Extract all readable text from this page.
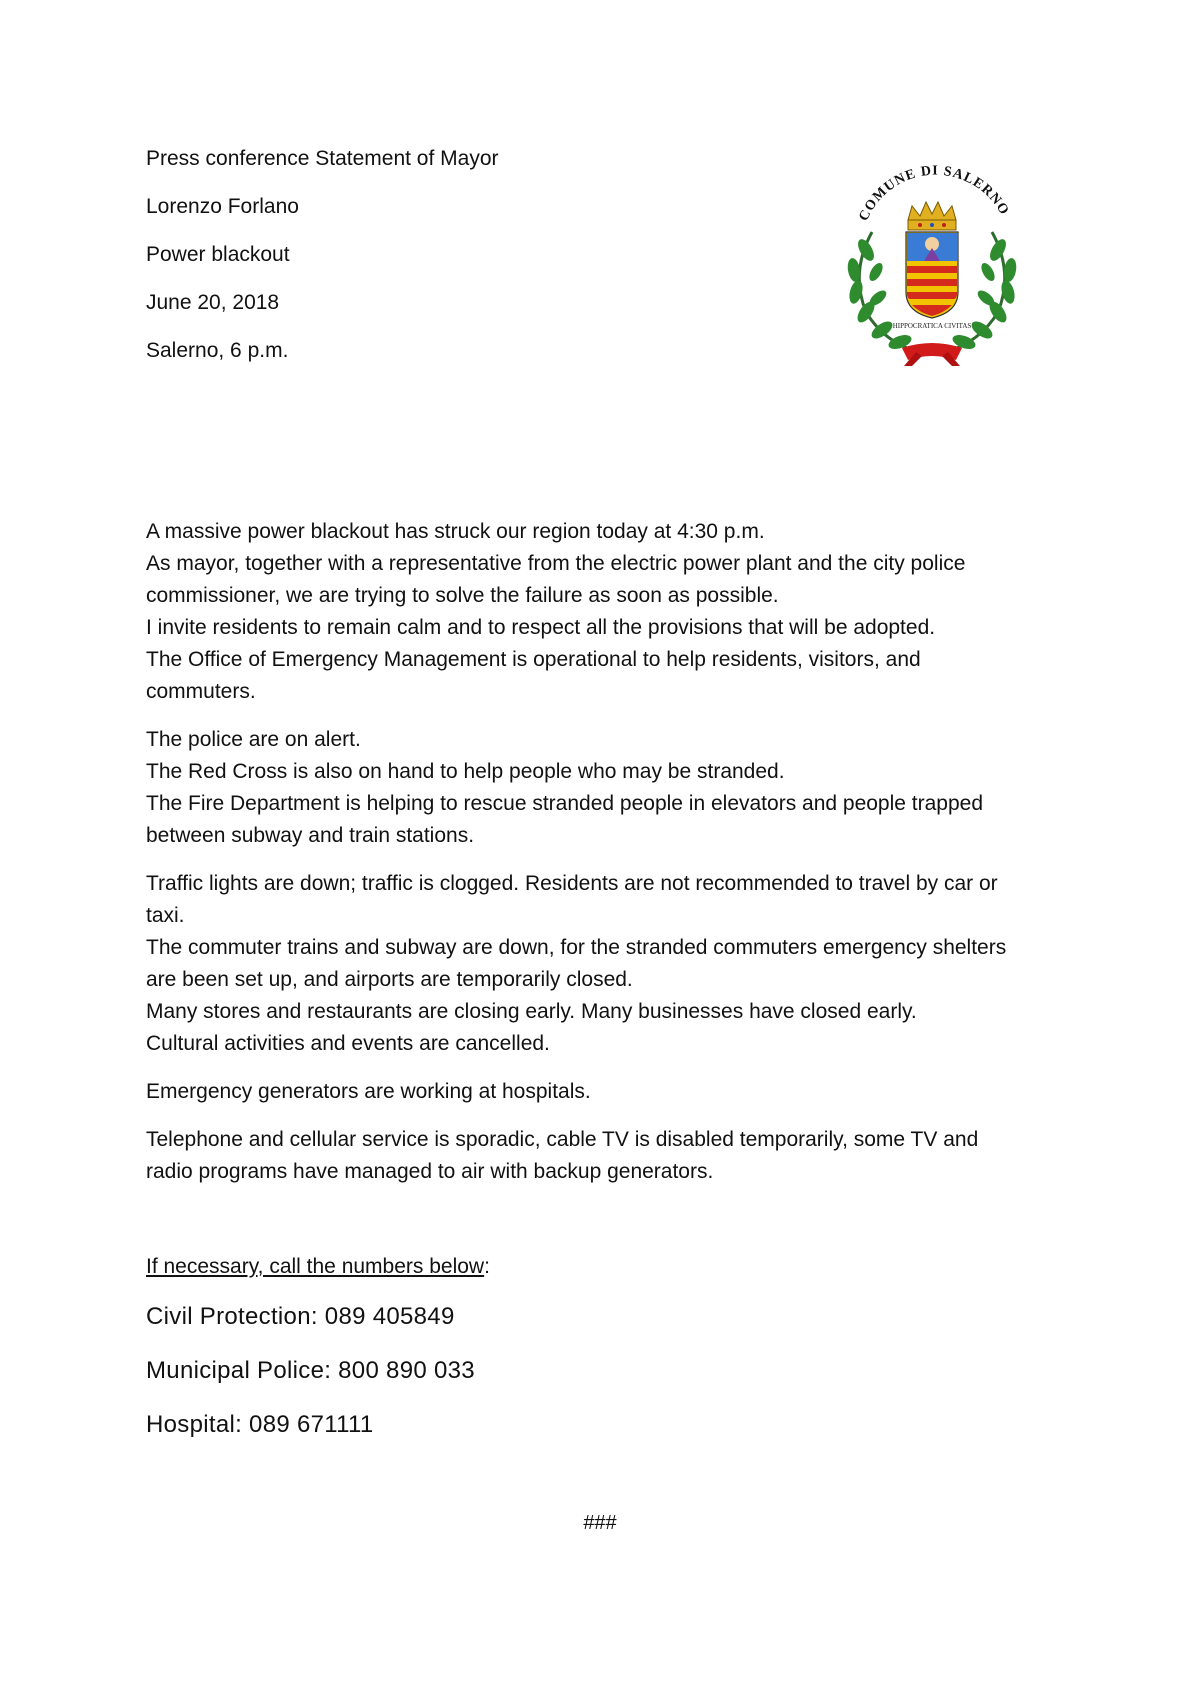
Press conference Statement of Mayor
Lorenzo Forlano
Power blackout
June 20, 2018
Salerno, 6 p.m.
COMUNE DI SALERNO
HIPPOCRATICA CIVITAS
A massive power blackout has struck our region today at 4:30 p.m.
As mayor, together with a representative from the electric power plant and the city police
commissioner, we are trying to solve the failure as soon as possible.
I invite residents to remain calm and to respect all the provisions that will be adopted.
The Office of Emergency Management is operational to help residents, visitors, and
commuters.
The police are on alert.
The Red Cross is also on hand to help people who may be stranded.
The Fire Department is helping to rescue stranded people in elevators and people trapped
between subway and train stations.
Traffic lights are down; traffic is clogged. Residents are not recommended to travel by car or
taxi.
The commuter trains and subway are down, for the stranded commuters emergency shelters
are been set up, and airports are temporarily closed.
Many stores and restaurants are closing early. Many businesses have closed early.
Cultural activities and events are cancelled.
Emergency generators are working at hospitals.
Telephone and cellular service is sporadic, cable TV is disabled temporarily, some TV and
radio programs have managed to air with backup generators.
If necessary, call the numbers below:
Civil Protection: 089 405849
Municipal Police: 800 890 033
Hospital: 089 671111
###
